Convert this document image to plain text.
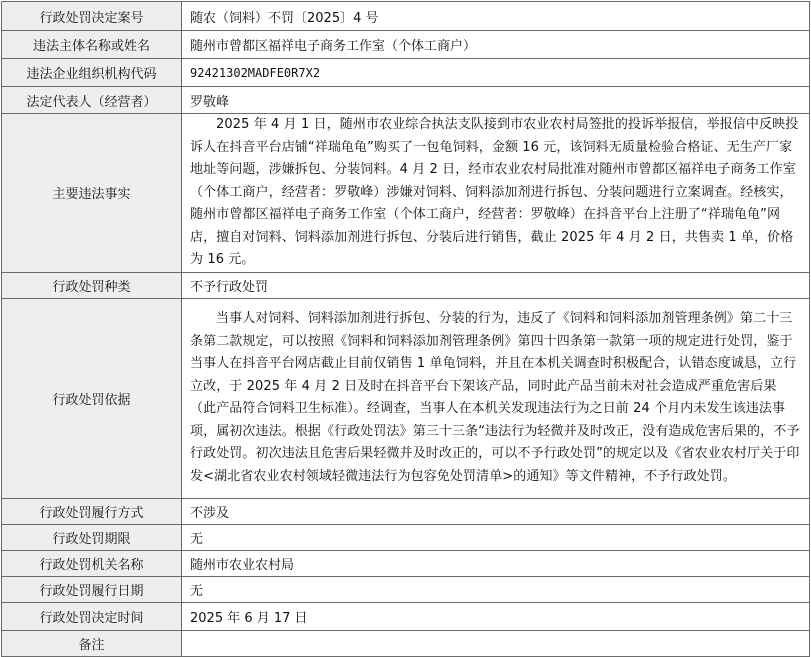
行政处罚决定案号	随农（饲料）不罚〔2025〕4 号
违法主体名称或姓名	随州市曾都区福祥电子商务工作室（个体工商户）
违法企业组织机构代码	92421302MADFE0R7X2
法定代表人（经营者）	罗敬峰
主要违法事实	2025 年 4 月 1 日，随州市农业综合执法支队接到市农业农村局签批的投诉举报信，举报信中反映投诉人在抖音平台店铺“祥瑞龟龟”购买了一包龟饲料，金额 16 元，该饲料无质量检验合格证、无生产厂家地址等问题，涉嫌拆包、分装饲料。4 月 2 日，经市农业农村局批准对随州市曾都区福祥电子商务工作室（个体工商户，经营者：罗敬峰）涉嫌对饲料、饲料添加剂进行拆包、分装问题进行立案调查。经核实，随州市曾都区福祥电子商务工作室（个体工商户，经营者：罗敬峰）在抖音平台上注册了“祥瑞龟龟”网店，擅自对饲料、饲料添加剂进行拆包、分装后进行销售，截止 2025 年 4 月 2 日，共售卖 1 单，价格为 16 元。
行政处罚种类	不予行政处罚
行政处罚依据	当事人对饲料、饲料添加剂进行拆包、分装的行为，违反了《饲料和饲料添加剂管理条例》第二十三条第二款规定，可以按照《饲料和饲料添加剂管理条例》第四十四条第一款第一项的规定进行处罚，鉴于当事人在抖音平台网店截止目前仅销售 1 单龟饲料，并且在本机关调查时积极配合，认错态度诚恳，立行立改，于 2025 年 4 月 2 日及时在抖音平台下架该产品，同时此产品当前未对社会造成严重危害后果（此产品符合饲料卫生标准）。经调查，当事人在本机关发现违法行为之日前 24 个月内未发生该违法事项，属初次违法。根据《行政处罚法》第三十三条“违法行为轻微并及时改正，没有造成危害后果的，不予行政处罚。初次违法且危害后果轻微并及时改正的，可以不予行政处罚”的规定以及《省农业农村厅关于印发<湖北省农业农村领域轻微违法行为包容免处罚清单>的通知》等文件精神，不予行政处罚。
行政处罚履行方式	不涉及
行政处罚期限	无
行政处罚机关名称	随州市农业农村局
行政处罚履行日期	无
行政处罚决定时间	2025 年 6 月 17 日
备注	
